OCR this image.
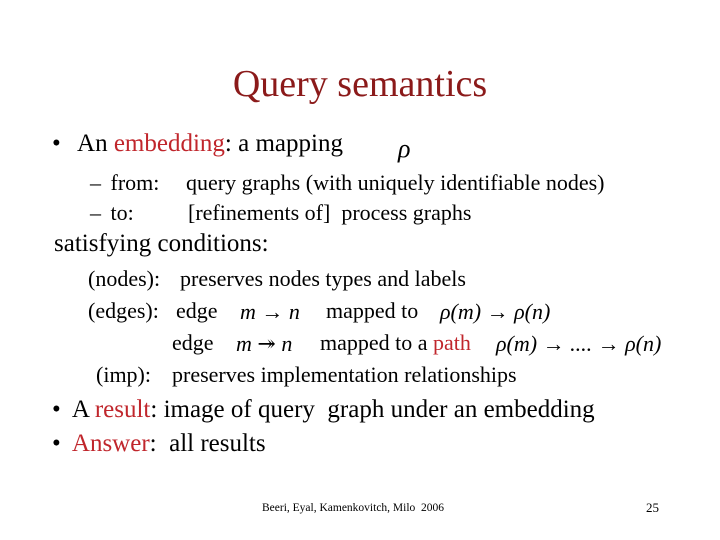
Query semantics
• An embedding: a mapping ρ
– from: query graphs (with uniquely identifiable nodes)
– to: [refinements of]  process graphs
satisfying conditions:
(nodes): preserves nodes types and labels
(edges): edge m → n mapped to ρ(m) → ρ(n)
edge m ↠ n mapped to a path ρ(m) → .... → ρ(n)
(imp): preserves implementation relationships
• A result: image of query  graph under an embedding
• Answer:  all results
Beeri, Eyal, Kamenkovitch, Milo  2006	25
